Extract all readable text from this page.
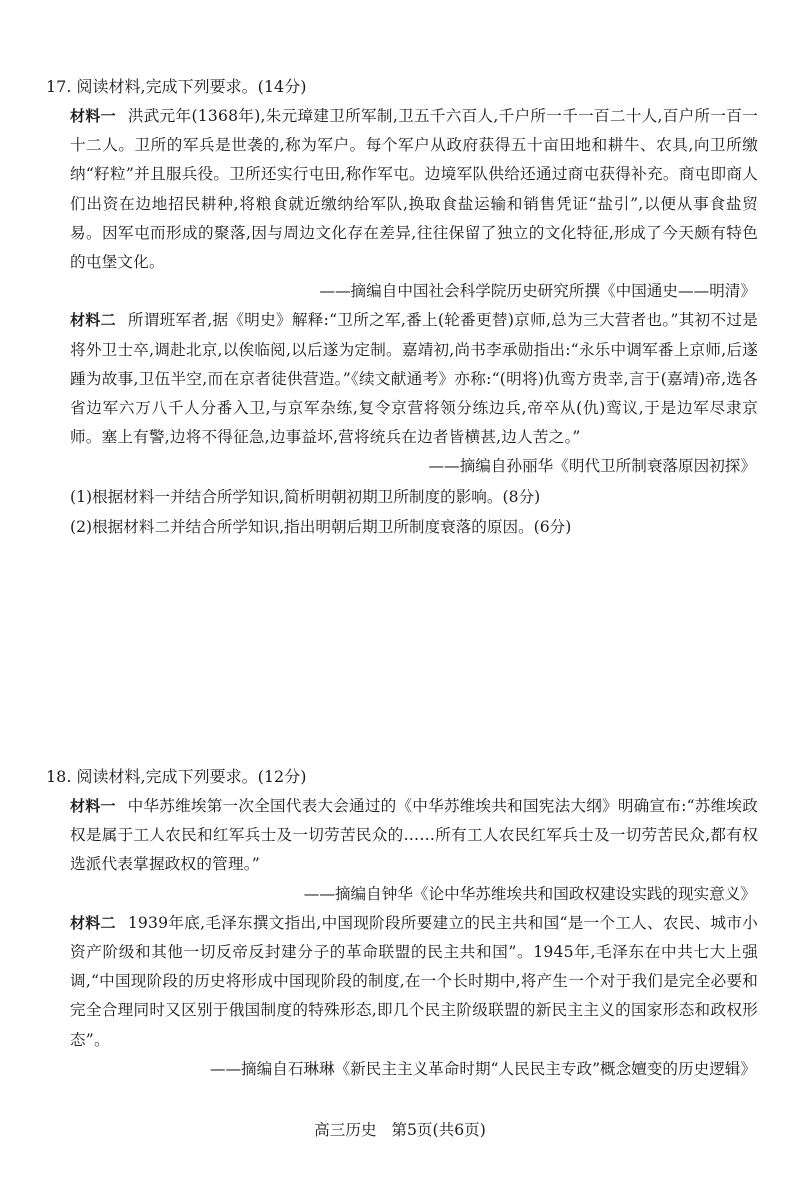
17. 阅读材料,完成下列要求。(14分)

材料一 洪武元年(1368年),朱元璋建卫所军制,卫五千六百人,千户所一千一百二十人,百户所一百一十二人。卫所的军兵是世袭的,称为军户。每个军户从政府获得五十亩田地和耕牛、农具,向卫所缴纳“籽粒”并且服兵役。卫所还实行屯田,称作军屯。边境军队供给还通过商屯获得补充。商屯即商人们出资在边地招民耕种,将粮食就近缴纳给军队,换取食盐运输和销售凭证“盐引”,以便从事食盐贸易。因军屯而形成的聚落,因与周边文化存在差异,往往保留了独立的文化特征,形成了今天颇有特色的屯堡文化。

——摘编自中国社会科学院历史研究所撰《中国通史——明清》

材料二 所谓班军者,据《明史》解释:“卫所之军,番上(轮番更替)京师,总为三大营者也。”其初不过是将外卫士卒,调赴北京,以俟临阅,以后遂为定制。嘉靖初,尚书李承勋指出:“永乐中调军番上京师,后遂踵为故事,卫伍半空,而在京者徒供营造。”《续文献通考》亦称:“(明将)仇鸾方贵幸,言于(嘉靖)帝,选各省边军六万八千人分番入卫,与京军杂练,复令京营将领分练边兵,帝卒从(仇)鸾议,于是边军尽隶京师。塞上有警,边将不得征急,边事益坏,营将统兵在边者皆横甚,边人苦之。”

——摘编自孙丽华《明代卫所制衰落原因初探》

(1)根据材料一并结合所学知识,简析明朝初期卫所制度的影响。(8分)

(2)根据材料二并结合所学知识,指出明朝后期卫所制度衰落的原因。(6分)

18. 阅读材料,完成下列要求。(12分)

材料一 中华苏维埃第一次全国代表大会通过的《中华苏维埃共和国宪法大纲》明确宣布:“苏维埃政权是属于工人农民和红军兵士及一切劳苦民众的……所有工人农民红军兵士及一切劳苦民众,都有权选派代表掌握政权的管理。”

——摘编自钟华《论中华苏维埃共和国政权建设实践的现实意义》

材料二 1939年底,毛泽东撰文指出,中国现阶段所要建立的民主共和国“是一个工人、农民、城市小资产阶级和其他一切反帝反封建分子的革命联盟的民主共和国”。1945年,毛泽东在中共七大上强调,“中国现阶段的历史将形成中国现阶段的制度,在一个长时期中,将产生一个对于我们是完全必要和完全合理同时又区别于俄国制度的特殊形态,即几个民主阶级联盟的新民主主义的国家形态和政权形态”。

——摘编自石琳琳《新民主主义革命时期“人民民主专政”概念嬗变的历史逻辑》

高三历史   第5页(共6页)
